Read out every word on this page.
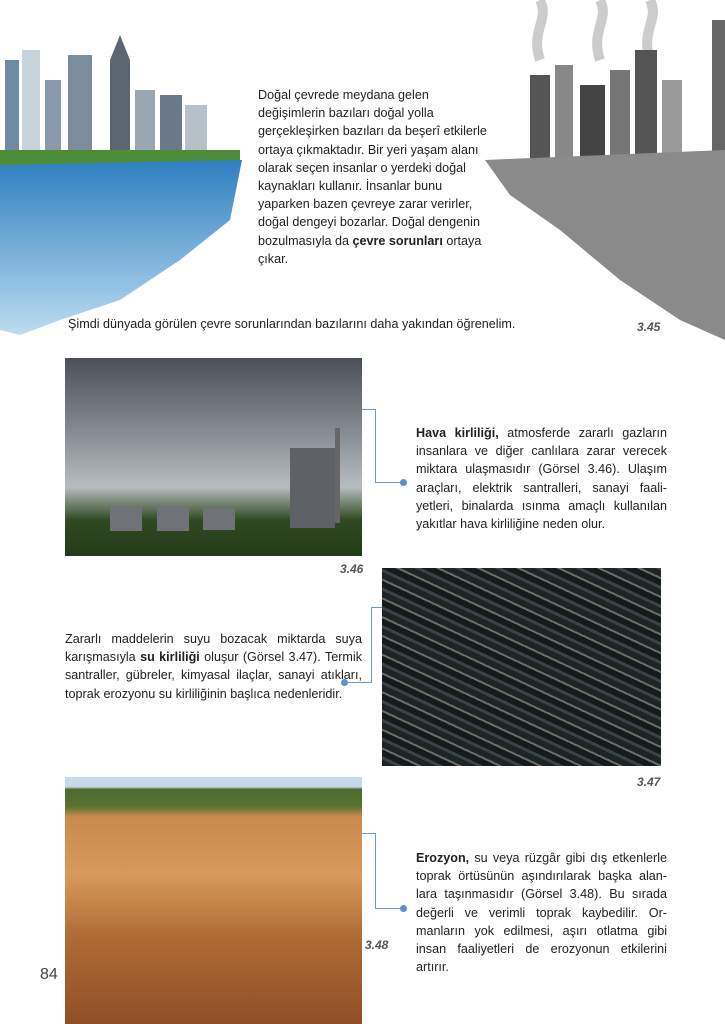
Doğal çevrede meydana gelen değişimlerin bazıları doğal yolla gerçekleşirken bazıları da beşerî etkilerle ortaya çıkmaktadır. Bir yeri yaşam alanı olarak seçen insanlar o yerdeki doğal kaynakları kullanır. İnsanlar bunu yaparken bazen çevreye zarar verirler, doğal dengeyi bozarlar. Doğal dengenin bozulmasıyla da çevre sorunları ortaya çıkar.
Şimdi dünyada görülen çevre sorunlarından bazılarını daha yakından öğrenelim.	3.45
3.46
Hava kirliliği, atmosferde zararlı gazların insanlara ve diğer canlılara zarar verecek miktara ulaşmasıdır (Görsel 3.46). Ulaşım araçları, elektrik santralleri, sanayi faali-yetleri, binalarda ısınma amaçlı kullanılan yakıtlar hava kirliliğine neden olur.
3.47
Zararlı maddelerin suyu bozacak miktarda suya karışmasıyla su kirliliği oluşur (Görsel 3.47). Termik santraller, gübreler, kimyasal ilaçlar, sanayi atıkları, toprak erozyonu su kirliliğinin başlıca nedenleridir.
3.48
Erozyon, su veya rüzgâr gibi dış etkenlerle toprak örtüsünün aşındırılarak başka alan-lara taşınmasıdır (Görsel 3.48). Bu sırada değerli ve verimli toprak kaybedilir. Or-manların yok edilmesi, aşırı otlatma gibi insan faaliyetleri de erozyonun etkilerini artırır.
84
